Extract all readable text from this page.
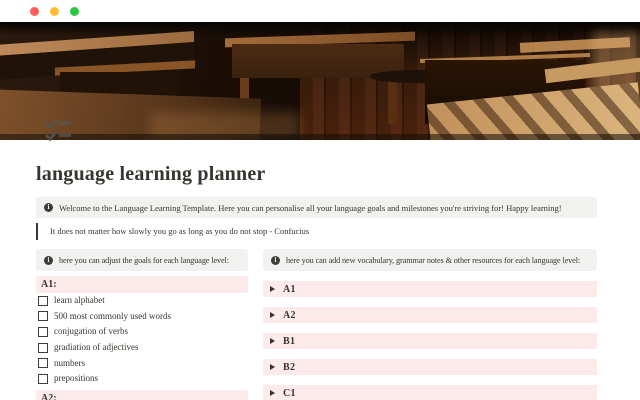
language learning planner
i
Welcome to the Language Learning Template. Here you can personalise all your language goals and milestones you're striving for! Happy learning!
It does not matter how slowly you go as long as you do not stop - Confucius
i
here you can adjust the goals for each language level:
A1:
learn alphabet
500 most commonly used words
conjugation of verbs
gradiation of adjectives
numbers
prepositions
A2:
i
here you can add new vocabulary, grammar notes & other resources for each language level:
A1
A2
B1
B2
C1
